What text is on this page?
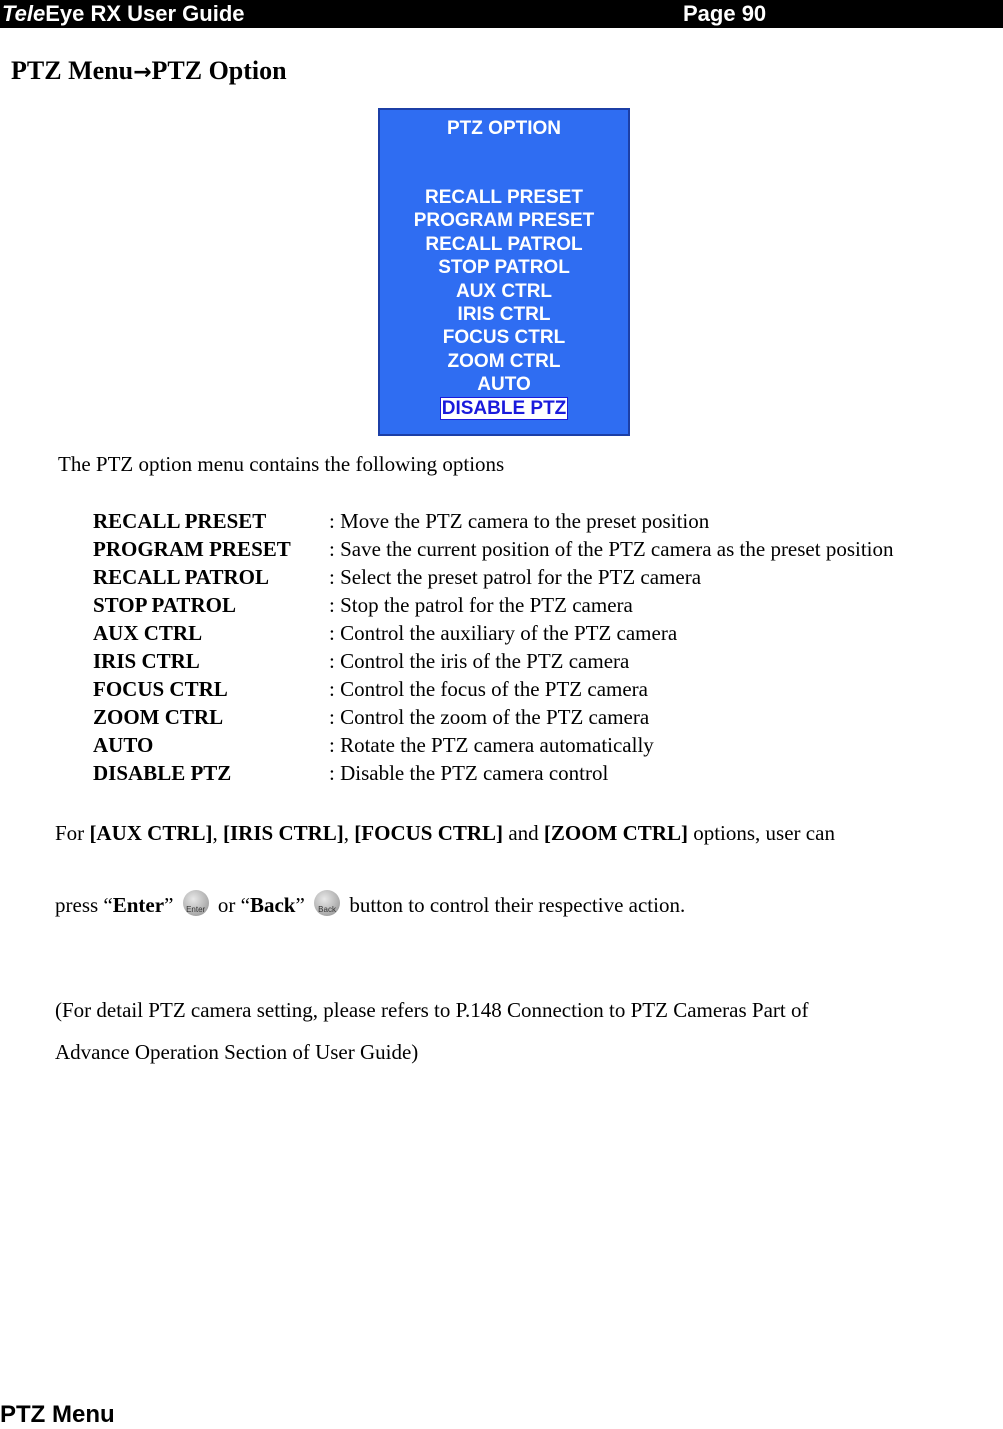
TeleEye RX User Guide	Page 90
PTZ Menu→PTZ Option
PTZ OPTION
RECALL PRESET
PROGRAM PRESET
RECALL PATROL
STOP PATROL
AUX CTRL
IRIS CTRL
FOCUS CTRL
ZOOM CTRL
AUTO
DISABLE PTZ
The PTZ option menu contains the following options
RECALL PRESET	: Move the PTZ camera to the preset position
PROGRAM PRESET : Save the current position of the PTZ camera as the preset position
RECALL PATROL	: Select the preset patrol for the PTZ camera
STOP PATROL	: Stop the patrol for the PTZ camera
AUX CTRL	: Control the auxiliary of the PTZ camera
IRIS CTRL	: Control the iris of the PTZ camera
FOCUS CTRL	: Control the focus of the PTZ camera
ZOOM CTRL	: Control the zoom of the PTZ camera
AUTO	: Rotate the PTZ camera automatically
DISABLE PTZ	: Disable the PTZ camera control
For [AUX CTRL], [IRIS CTRL], [FOCUS CTRL] and [ZOOM CTRL] options, user can
press “Enter”	Enter or “Back”	Back button to control their respective action.
(For detail PTZ camera setting, please refers to P.148 Connection to PTZ Cameras Part of
Advance Operation Section of User Guide)
PTZ Menu
